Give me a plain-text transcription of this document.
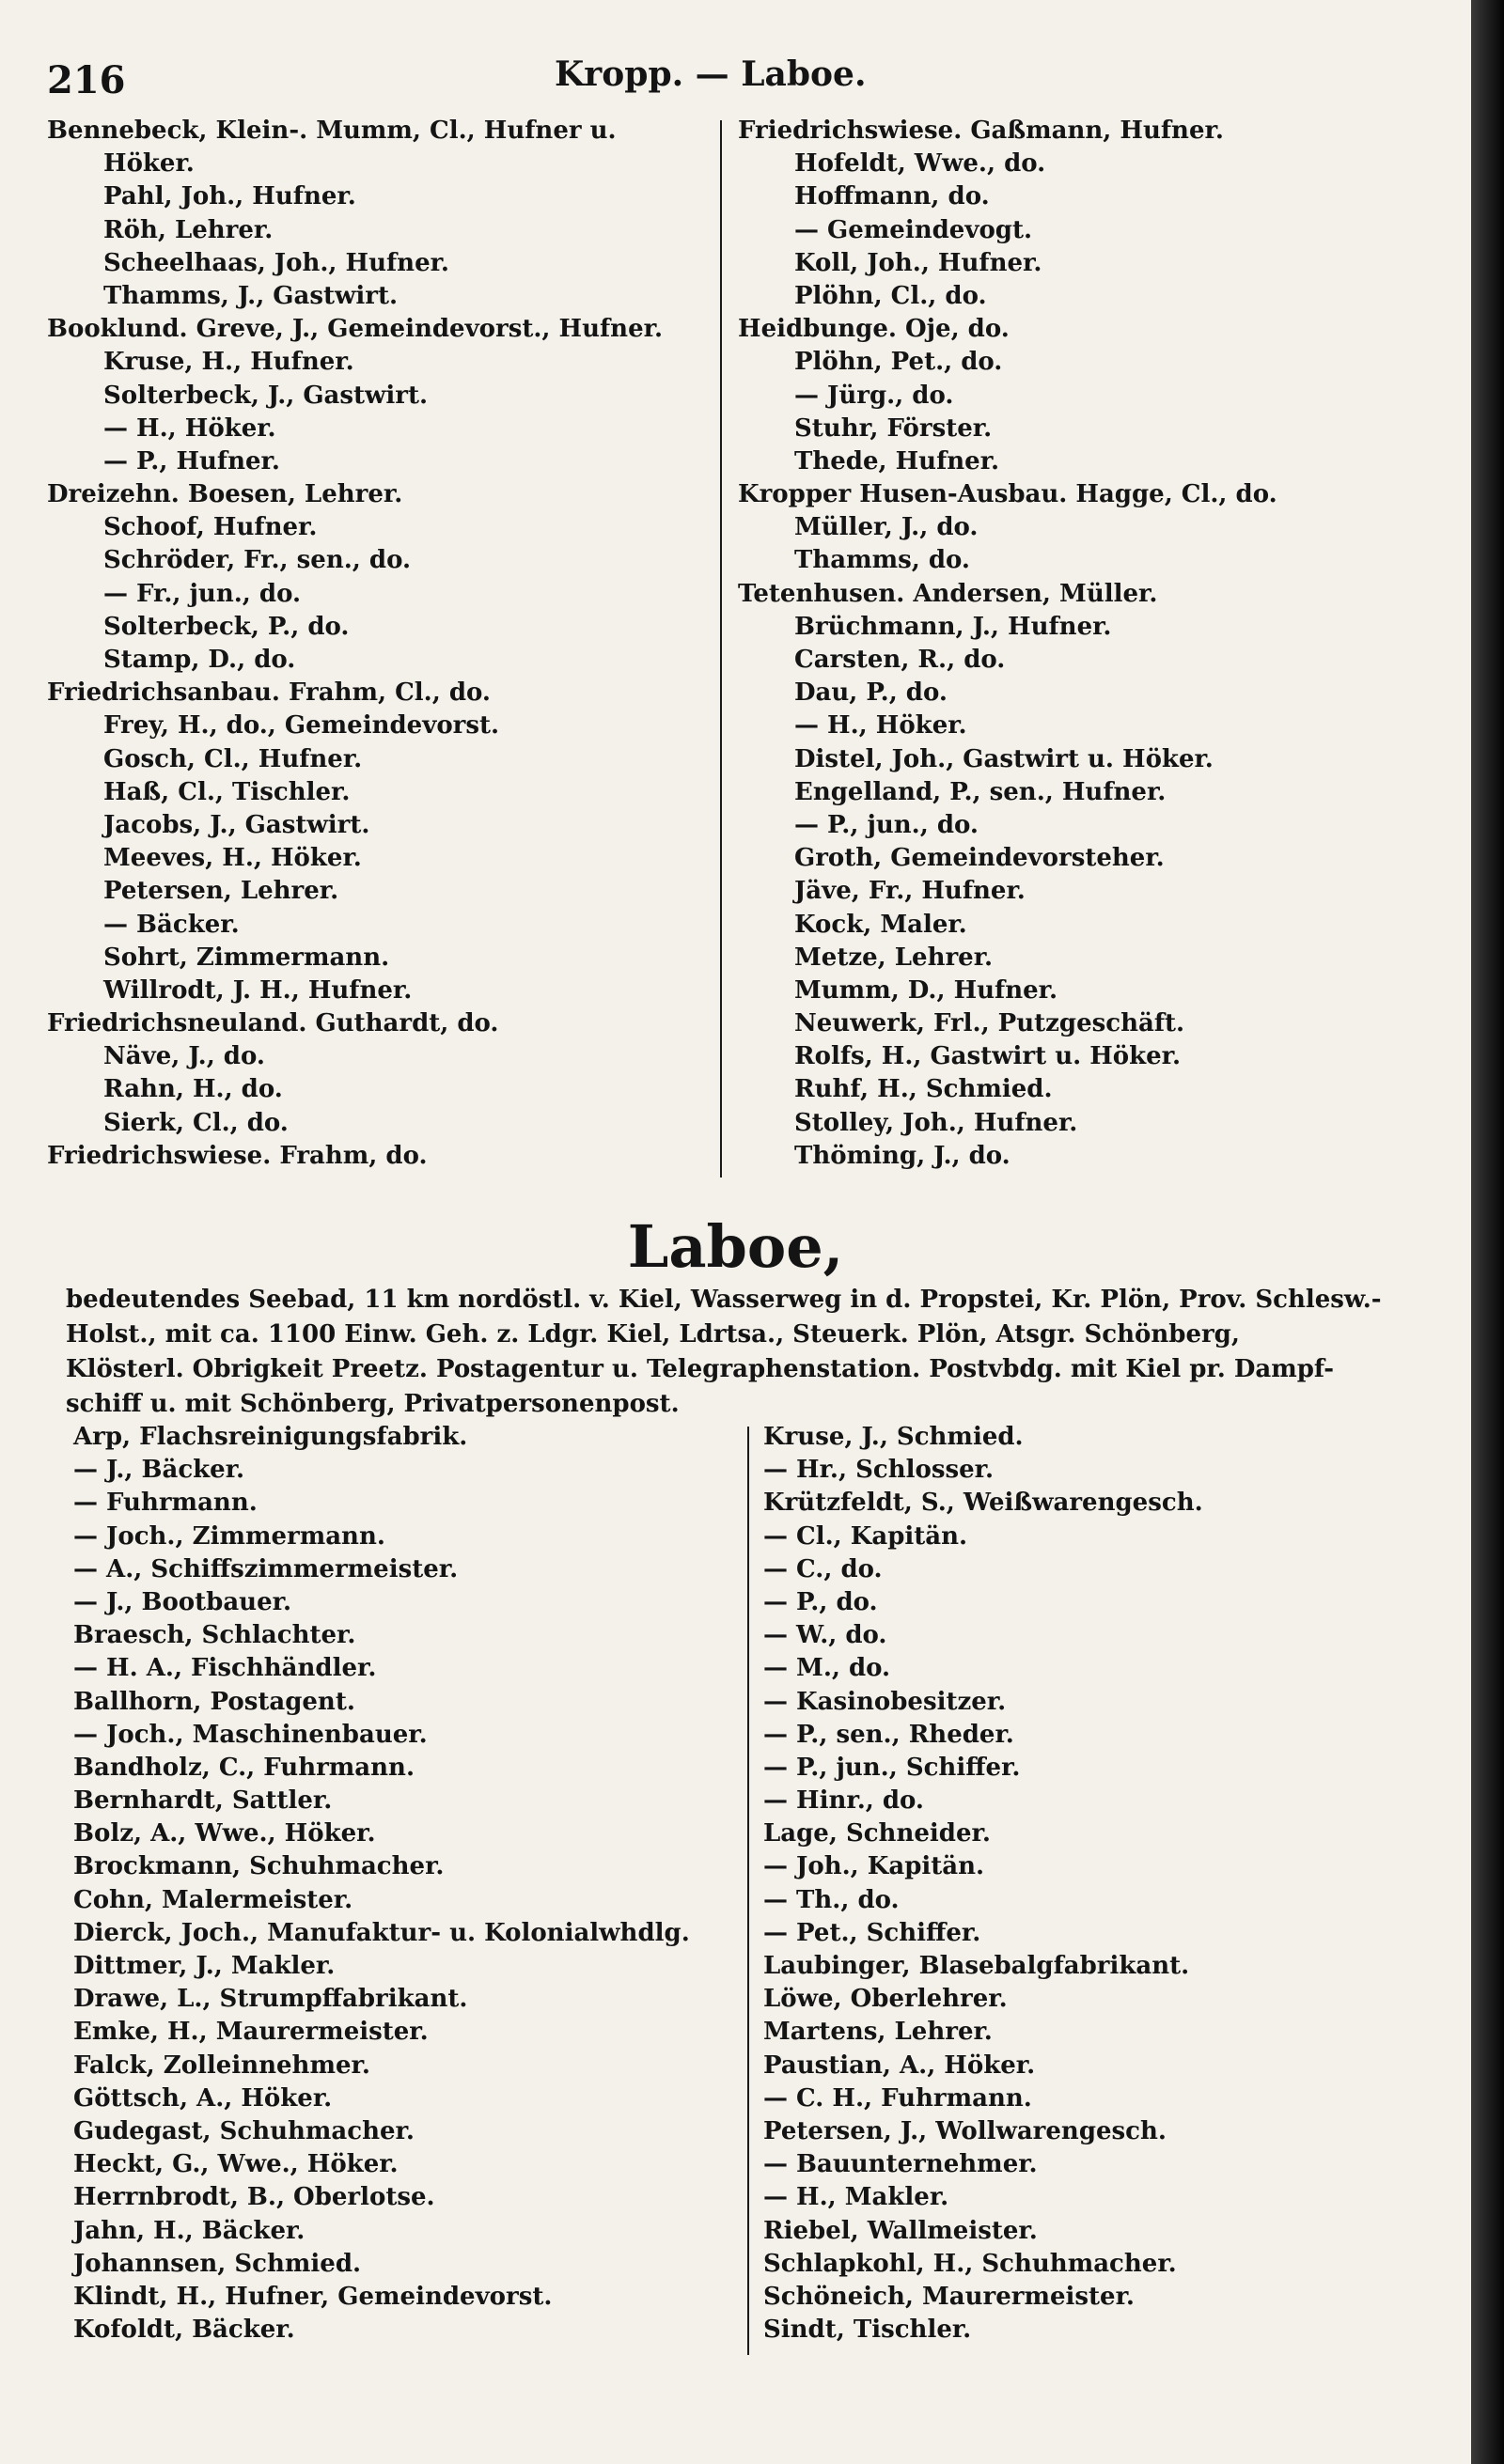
216	Kropp. — Laboe.
Bennebeck, Klein-. Mumm, Cl., Hufner u.
Höker.
Pahl, Joh., Hufner.
Röh, Lehrer.
Scheelhaas, Joh., Hufner.
Thamms, J., Gastwirt.
Booklund. Greve, J., Gemeindevorst., Hufner.
Kruse, H., Hufner.
Solterbeck, J., Gastwirt.
— H., Höker.
— P., Hufner.
Dreizehn. Boesen, Lehrer.
Schoof, Hufner.
Schröder, Fr., sen., do.
— Fr., jun., do.
Solterbeck, P., do.
Stamp, D., do.
Friedrichsanbau. Frahm, Cl., do.
Frey, H., do., Gemeindevorst.
Gosch, Cl., Hufner.
Haß, Cl., Tischler.
Jacobs, J., Gastwirt.
Meeves, H., Höker.
Petersen, Lehrer.
— Bäcker.
Sohrt, Zimmermann.
Willrodt, J. H., Hufner.
Friedrichsneuland. Guthardt, do.
Näve, J., do.
Rahn, H., do.
Sierk, Cl., do.
Friedrichswiese. Frahm, do.
Friedrichswiese. Gaßmann, Hufner.
Hofeldt, Wwe., do.
Hoffmann, do.
— Gemeindevogt.
Koll, Joh., Hufner.
Plöhn, Cl., do.
Heidbunge. Oje, do.
Plöhn, Pet., do.
— Jürg., do.
Stuhr, Förster.
Thede, Hufner.
Kropper Husen-Ausbau. Hagge, Cl., do.
Müller, J., do.
Thamms, do.
Tetenhusen. Andersen, Müller.
Brüchmann, J., Hufner.
Carsten, R., do.
Dau, P., do.
— H., Höker.
Distel, Joh., Gastwirt u. Höker.
Engelland, P., sen., Hufner.
— P., jun., do.
Groth, Gemeindevorsteher.
Jäve, Fr., Hufner.
Kock, Maler.
Metze, Lehrer.
Mumm, D., Hufner.
Neuwerk, Frl., Putzgeschäft.
Rolfs, H., Gastwirt u. Höker.
Ruhf, H., Schmied.
Stolley, Joh., Hufner.
Thöming, J., do.
Laboe,
bedeutendes Seebad, 11 km nordöstl. v. Kiel, Wasserweg in d. Propstei, Kr. Plön, Prov. Schlesw.-
Holst., mit ca. 1100 Einw. Geh. z. Ldgr. Kiel, Ldrtsa., Steuerk. Plön, Atsgr. Schönberg,
Klösterl. Obrigkeit Preetz. Postagentur u. Telegraphenstation. Postvbdg. mit Kiel pr. Dampf-
schiff u. mit Schönberg, Privatpersonenpost.
Arp, Flachsreinigungsfabrik.
— J., Bäcker.
— Fuhrmann.
— Joch., Zimmermann.
— A., Schiffszimmermeister.
— J., Bootbauer.
Braesch, Schlachter.
— H. A., Fischhändler.
Ballhorn, Postagent.
— Joch., Maschinenbauer.
Bandholz, C., Fuhrmann.
Bernhardt, Sattler.
Bolz, A., Wwe., Höker.
Brockmann, Schuhmacher.
Cohn, Malermeister.
Dierck, Joch., Manufaktur- u. Kolonialwhdlg.
Dittmer, J., Makler.
Drawe, L., Strumpffabrikant.
Emke, H., Maurermeister.
Falck, Zolleinnehmer.
Göttsch, A., Höker.
Gudegast, Schuhmacher.
Heckt, G., Wwe., Höker.
Herrnbrodt, B., Oberlotse.
Jahn, H., Bäcker.
Johannsen, Schmied.
Klindt, H., Hufner, Gemeindevorst.
Kofoldt, Bäcker.
Kruse, J., Schmied.
— Hr., Schlosser.
Krützfeldt, S., Weißwarengesch.
— Cl., Kapitän.
— C., do.
— P., do.
— W., do.
— M., do.
— Kasinobesitzer.
— P., sen., Rheder.
— P., jun., Schiffer.
— Hinr., do.
Lage, Schneider.
— Joh., Kapitän.
— Th., do.
— Pet., Schiffer.
Laubinger, Blasebalgfabrikant.
Löwe, Oberlehrer.
Martens, Lehrer.
Paustian, A., Höker.
— C. H., Fuhrmann.
Petersen, J., Wollwarengesch.
— Bauunternehmer.
— H., Makler.
Riebel, Wallmeister.
Schlapkohl, H., Schuhmacher.
Schöneich, Maurermeister.
Sindt, Tischler.
